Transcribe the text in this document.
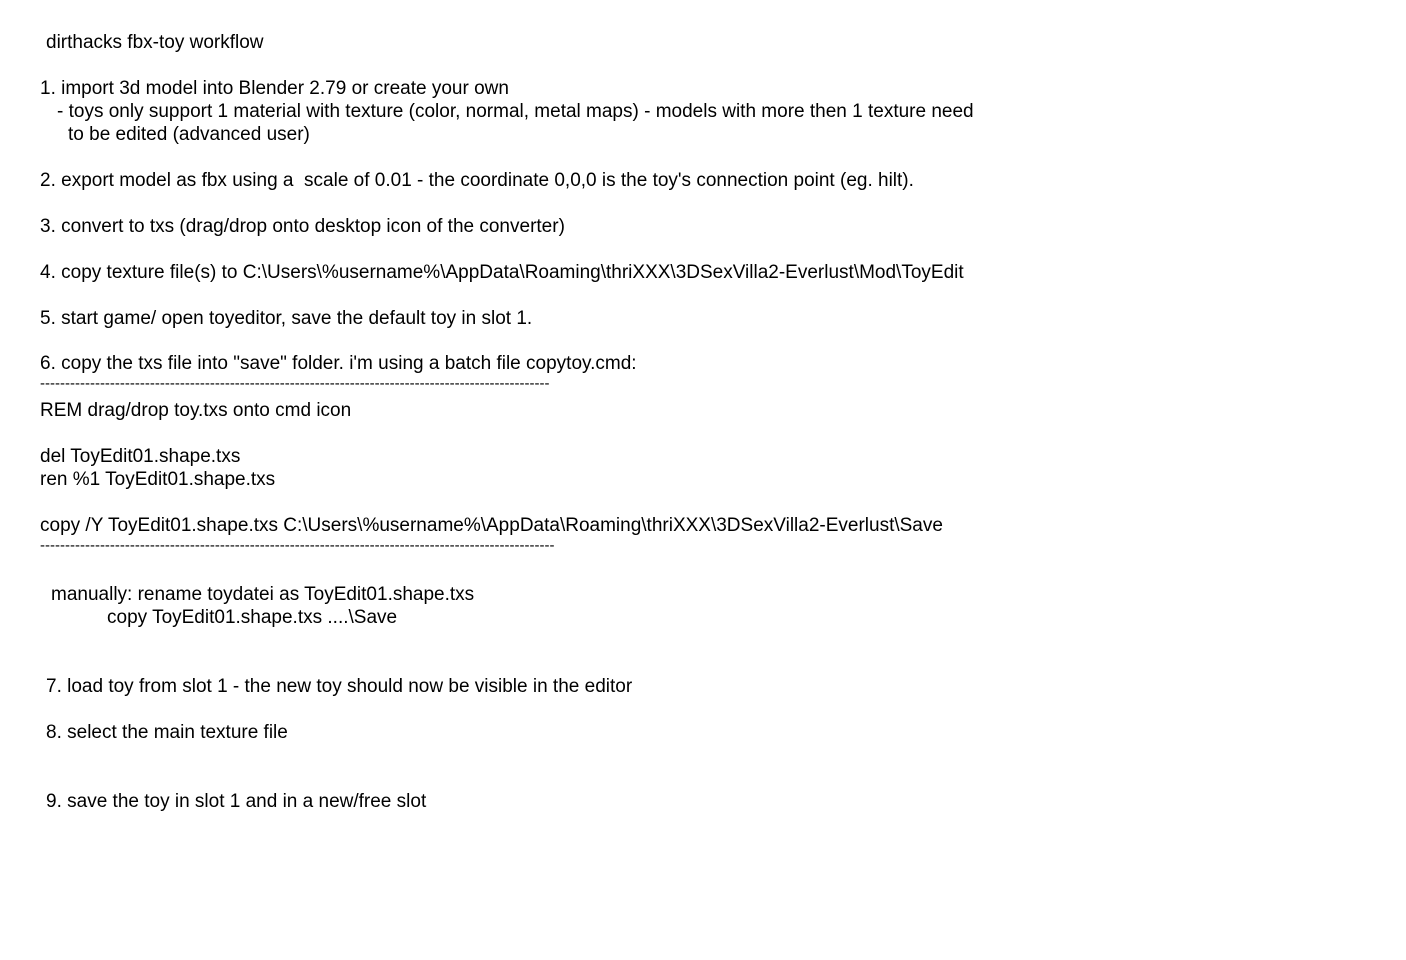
dirthacks fbx-toy workflow

1. import 3d model into Blender 2.79 or create your own

- toys only support 1 material with texture (color, normal, metal maps) - models with more then 1 texture need

to be edited (advanced user)

2. export model as fbx using a  scale of 0.01 - the coordinate 0,0,0 is the toy's connection point (eg. hilt).

3. convert to txs (drag/drop onto desktop icon of the converter)

4. copy texture file(s) to C:\Users\%username%\AppData\Roaming\thriXXX\3DSexVilla2-Everlust\Mod\ToyEdit

5. start game/ open toyeditor, save the default toy in slot 1.

6. copy the txs file into "save" folder. i'm using a batch file copytoy.cmd:

------------------------------------------------------------------------------------------------------

REM drag/drop toy.txs onto cmd icon

del ToyEdit01.shape.txs

ren %1 ToyEdit01.shape.txs

copy /Y ToyEdit01.shape.txs C:\Users\%username%\AppData\Roaming\thriXXX\3DSexVilla2-Everlust\Save

-------------------------------------------------------------------------------------------------------

manually: rename toydatei as ToyEdit01.shape.txs

copy ToyEdit01.shape.txs ....\Save

7. load toy from slot 1 - the new toy should now be visible in the editor

8. select the main texture file

9. save the toy in slot 1 and in a new/free slot
